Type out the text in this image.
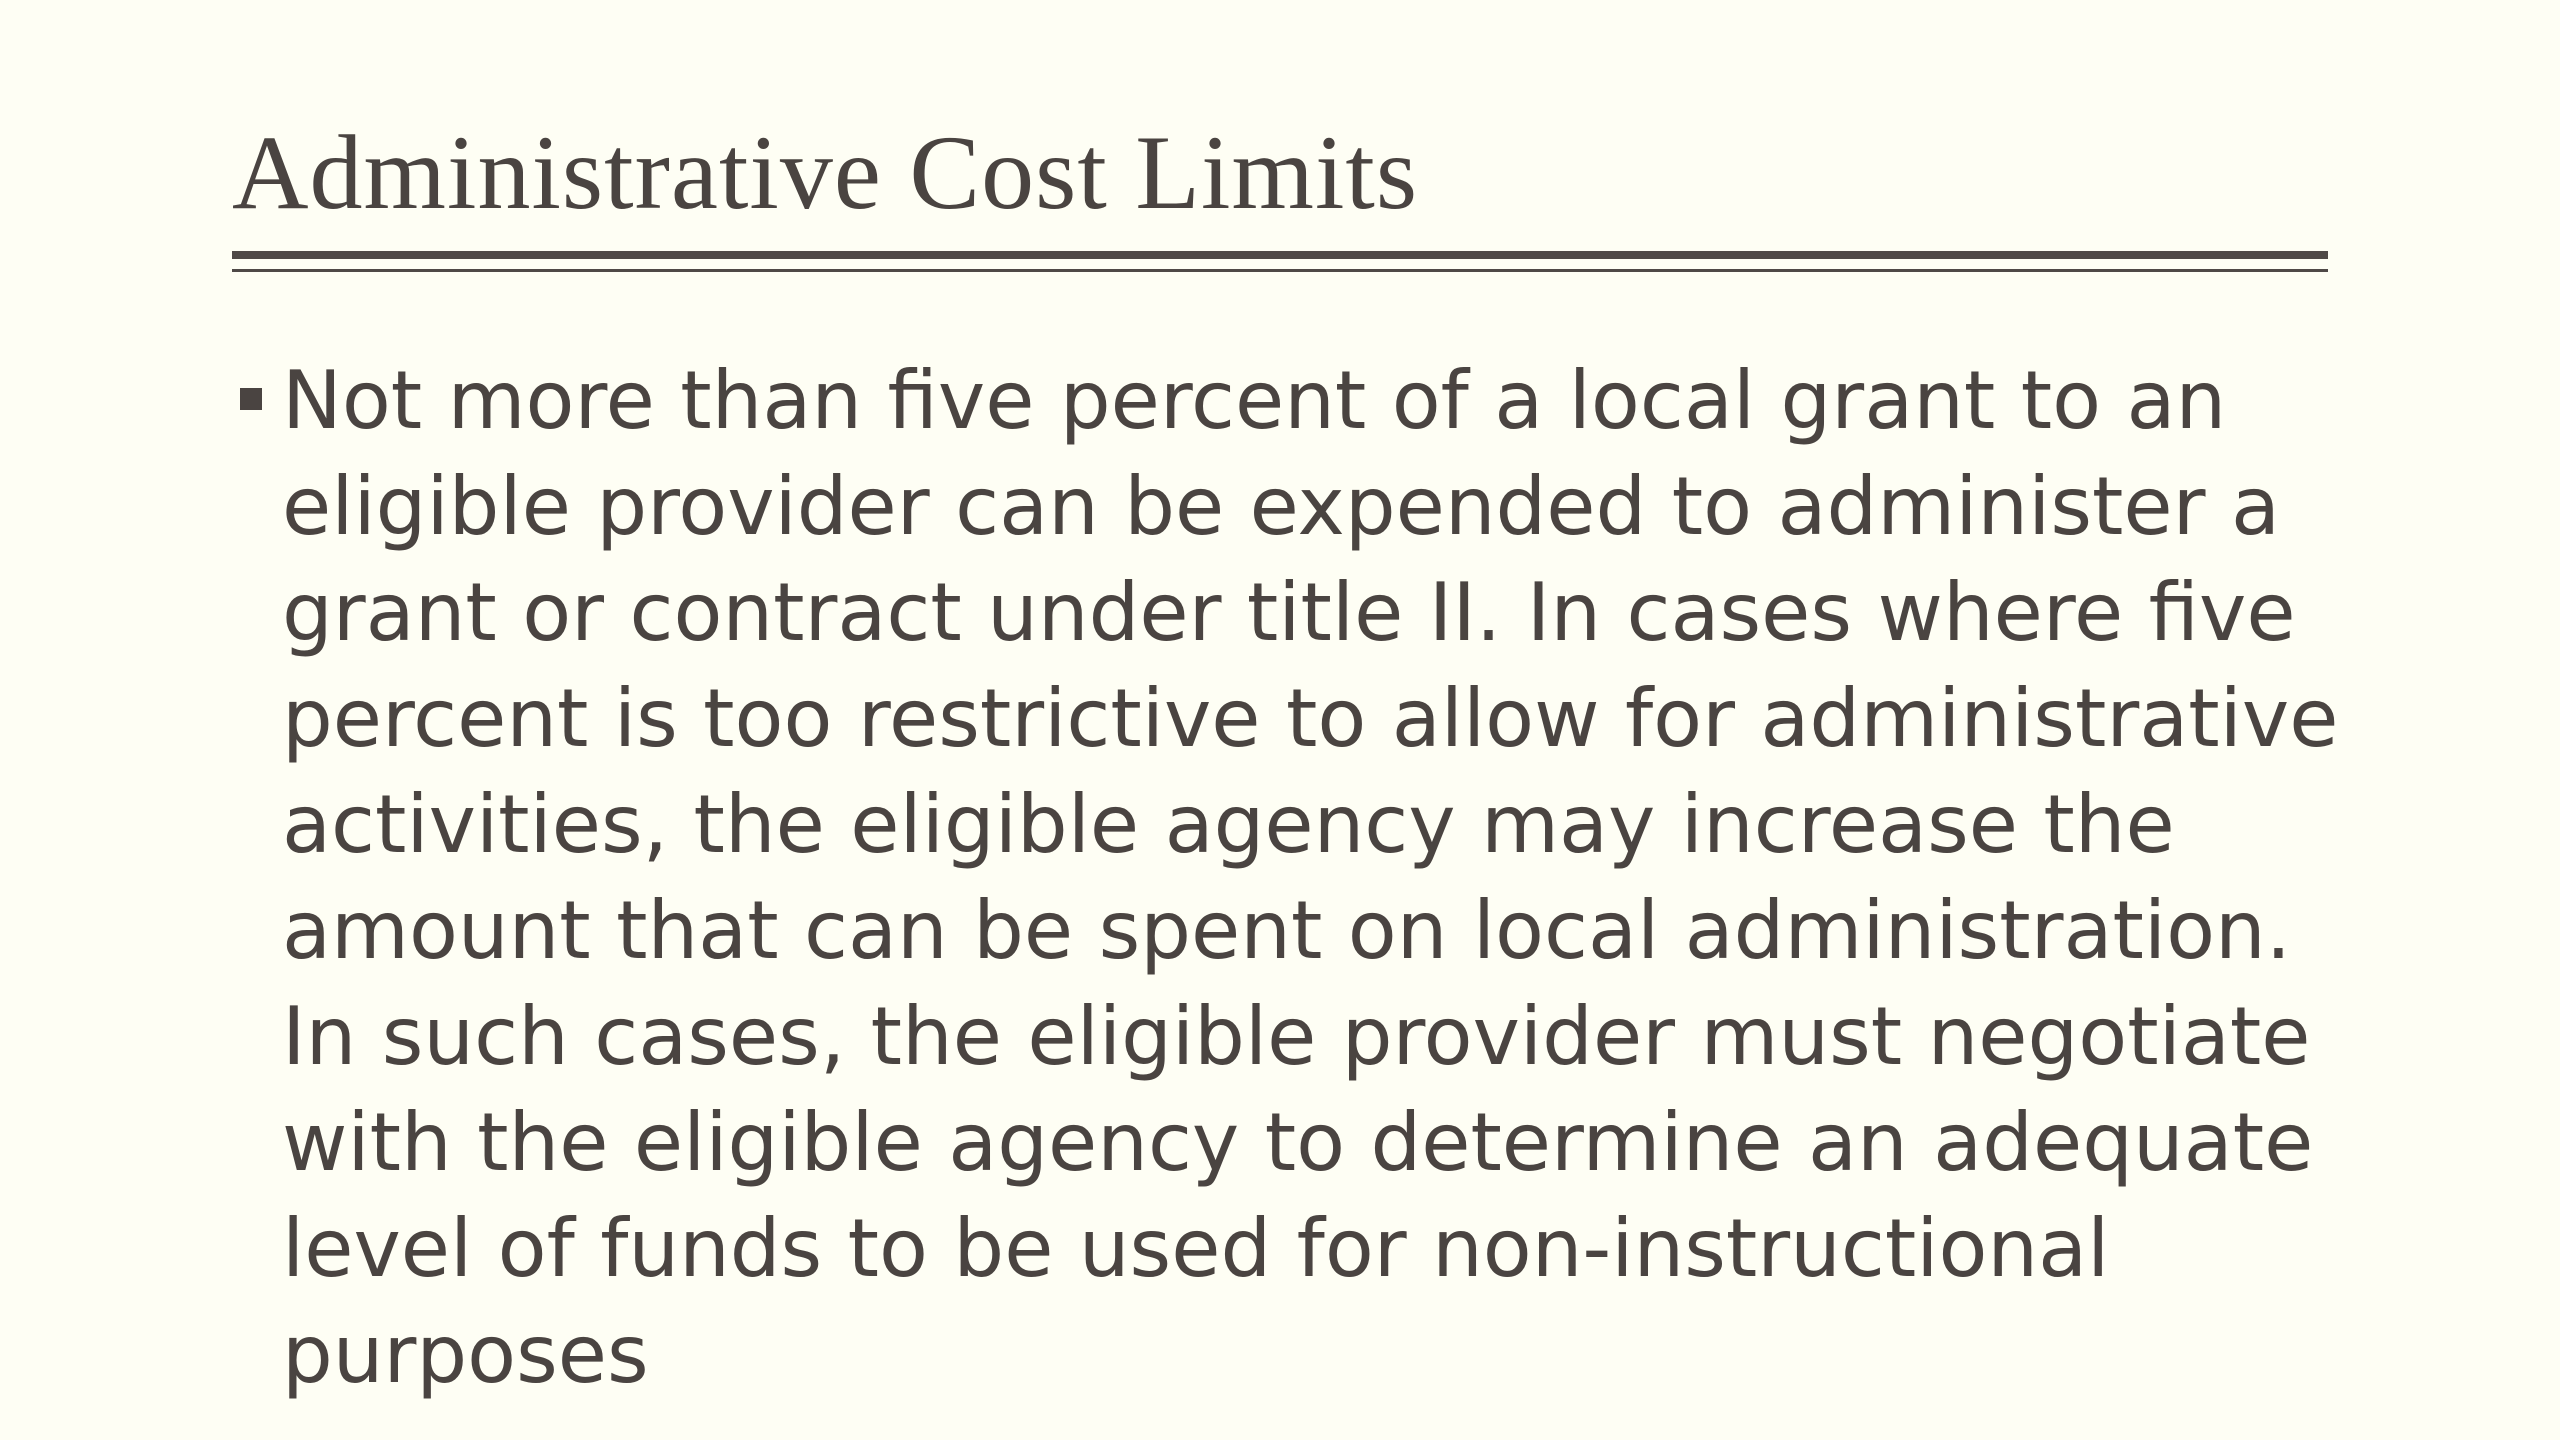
Administrative Cost Limits
Not more than five percent of a local grant to an
eligible provider can be expended to administer a
grant or contract under title II. In cases where five
percent is too restrictive to allow for administrative
activities, the eligible agency may increase the
amount that can be spent on local administration.
In such cases, the eligible provider must negotiate
with the eligible agency to determine an adequate
level of funds to be used for non-instructional
purposes
